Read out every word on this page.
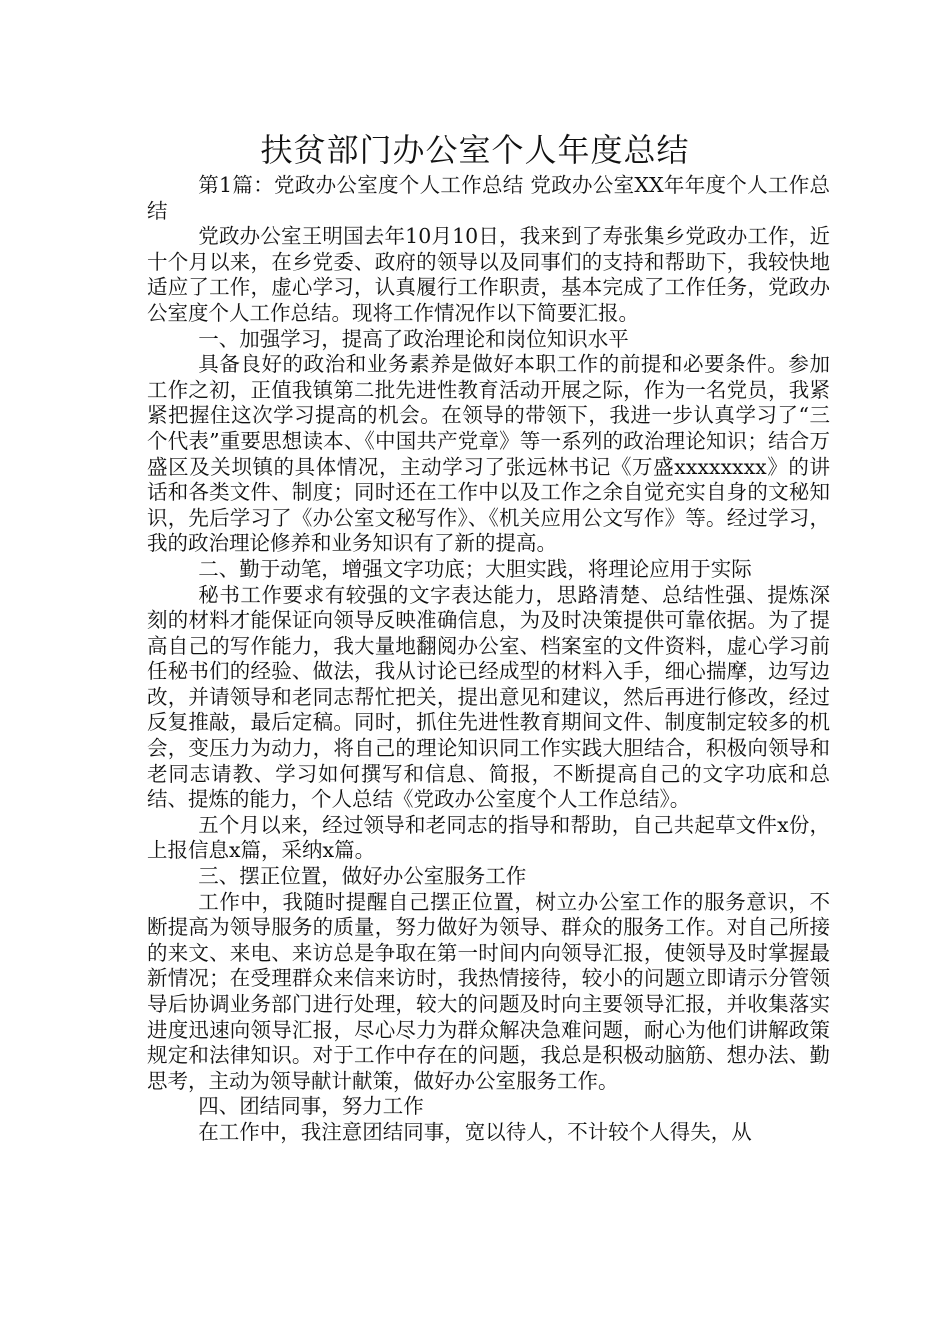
扶贫部门办公室个人年度总结

第1篇：党政办公室度个人工作总结 党政办公室XX年年度个人工作总结

党政办公室王明国去年10月10日，我来到了寿张集乡党政办工作，近十个月以来，在乡党委、政府的领导以及同事们的支持和帮助下，我较快地适应了工作，虚心学习，认真履行工作职责，基本完成了工作任务，党政办公室度个人工作总结。现将工作情况作以下简要汇报。

一、加强学习，提高了政治理论和岗位知识水平

具备良好的政治和业务素养是做好本职工作的前提和必要条件。参加工作之初，正值我镇第二批先进性教育活动开展之际，作为一名党员，我紧紧把握住这次学习提高的机会。在领导的带领下，我进一步认真学习了“三个代表”重要思想读本、《中国共产党章》等一系列的政治理论知识；结合万盛区及关坝镇的具体情况，主动学习了张远林书记《万盛xxxxxxxx》的讲话和各类文件、制度；同时还在工作中以及工作之余自觉充实自身的文秘知识，先后学习了《办公室文秘写作》、《机关应用公文写作》等。经过学习，我的政治理论修养和业务知识有了新的提高。

二、勤于动笔，增强文字功底；大胆实践，将理论应用于实际

秘书工作要求有较强的文字表达能力，思路清楚、总结性强、提炼深刻的材料才能保证向领导反映准确信息，为及时决策提供可靠依据。为了提高自己的写作能力，我大量地翻阅办公室、档案室的文件资料，虚心学习前任秘书们的经验、做法，我从讨论已经成型的材料入手，细心揣摩，边写边改，并请领导和老同志帮忙把关，提出意见和建议，然后再进行修改，经过反复推敲，最后定稿。同时，抓住先进性教育期间文件、制度制定较多的机会，变压力为动力，将自己的理论知识同工作实践大胆结合，积极向领导和老同志请教、学习如何撰写和信息、简报，不断提高自己的文字功底和总结、提炼的能力，个人总结《党政办公室度个人工作总结》。

五个月以来，经过领导和老同志的指导和帮助，自己共起草文件x份，上报信息x篇，采纳x篇。

三、摆正位置，做好办公室服务工作

工作中，我随时提醒自己摆正位置，树立办公室工作的服务意识，不断提高为领导服务的质量，努力做好为领导、群众的服务工作。对自己所接的来文、来电、来访总是争取在第一时间内向领导汇报，使领导及时掌握最新情况；在受理群众来信来访时，我热情接待，较小的问题立即请示分管领导后协调业务部门进行处理，较大的问题及时向主要领导汇报，并收集落实进度迅速向领导汇报，尽心尽力为群众解决急难问题，耐心为他们讲解政策规定和法律知识。对于工作中存在的问题，我总是积极动脑筋、想办法、勤思考，主动为领导献计献策，做好办公室服务工作。

四、团结同事，努力工作

在工作中，我注意团结同事，宽以待人，不计较个人得失，从
